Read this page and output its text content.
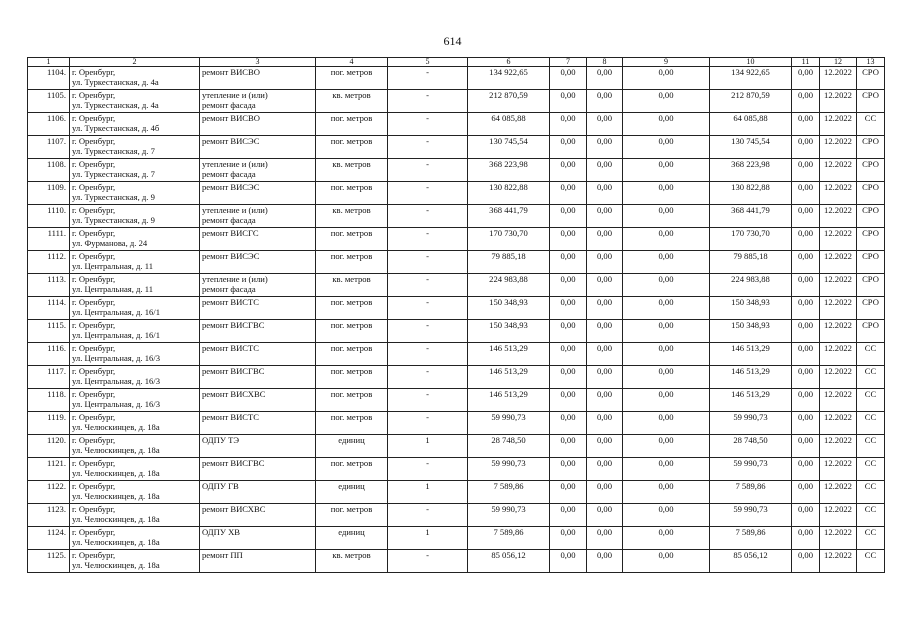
614
1	2	3	4	5	6	7	8	9	10	11	12	13
1104.	г. Оренбург,
ул. Туркестанская, д. 4а	ремонт ВИСВО	пог. метров	-	134 922,65	0,00	0,00	0,00	134 922,65	0,00	12.2022	СРО
1105.	г. Оренбург,
ул. Туркестанская, д. 4а	утепление и (или)
ремонт фасада	кв. метров	-	212 870,59	0,00	0,00	0,00	212 870,59	0,00	12.2022	СРО
1106.	г. Оренбург,
ул. Туркестанская, д. 4б	ремонт ВИСВО	пог. метров	-	64 085,88	0,00	0,00	0,00	64 085,88	0,00	12.2022	СС
1107.	г. Оренбург,
ул. Туркестанская, д. 7	ремонт ВИСЭС	пог. метров	-	130 745,54	0,00	0,00	0,00	130 745,54	0,00	12.2022	СРО
1108.	г. Оренбург,
ул. Туркестанская, д. 7	утепление и (или)
ремонт фасада	кв. метров	-	368 223,98	0,00	0,00	0,00	368 223,98	0,00	12.2022	СРО
1109.	г. Оренбург,
ул. Туркестанская, д. 9	ремонт ВИСЭС	пог. метров	-	130 822,88	0,00	0,00	0,00	130 822,88	0,00	12.2022	СРО
1110.	г. Оренбург,
ул. Туркестанская, д. 9	утепление и (или)
ремонт фасада	кв. метров	-	368 441,79	0,00	0,00	0,00	368 441,79	0,00	12.2022	СРО
1111.	г. Оренбург,
ул. Фурманова, д. 24	ремонт ВИСГС	пог. метров	-	170 730,70	0,00	0,00	0,00	170 730,70	0,00	12.2022	СРО
1112.	г. Оренбург,
ул. Центральная, д. 11	ремонт ВИСЭС	пог. метров	-	79 885,18	0,00	0,00	0,00	79 885,18	0,00	12.2022	СРО
1113.	г. Оренбург,
ул. Центральная, д. 11	утепление и (или)
ремонт фасада	кв. метров	-	224 983,88	0,00	0,00	0,00	224 983,88	0,00	12.2022	СРО
1114.	г. Оренбург,
ул. Центральная, д. 16/1	ремонт ВИСТС	пог. метров	-	150 348,93	0,00	0,00	0,00	150 348,93	0,00	12.2022	СРО
1115.	г. Оренбург,
ул. Центральная, д. 16/1	ремонт ВИСГВС	пог. метров	-	150 348,93	0,00	0,00	0,00	150 348,93	0,00	12.2022	СРО
1116.	г. Оренбург,
ул. Центральная, д. 16/3	ремонт ВИСТС	пог. метров	-	146 513,29	0,00	0,00	0,00	146 513,29	0,00	12.2022	СС
1117.	г. Оренбург,
ул. Центральная, д. 16/3	ремонт ВИСГВС	пог. метров	-	146 513,29	0,00	0,00	0,00	146 513,29	0,00	12.2022	СС
1118.	г. Оренбург,
ул. Центральная, д. 16/3	ремонт ВИСХВС	пог. метров	-	146 513,29	0,00	0,00	0,00	146 513,29	0,00	12.2022	СС
1119.	г. Оренбург,
ул. Челюскинцев, д. 18а	ремонт ВИСТС	пог. метров	-	59 990,73	0,00	0,00	0,00	59 990,73	0,00	12.2022	СС
1120.	г. Оренбург,
ул. Челюскинцев, д. 18а	ОДПУ ТЭ	единиц	1	28 748,50	0,00	0,00	0,00	28 748,50	0,00	12.2022	СС
1121.	г. Оренбург,
ул. Челюскинцев, д. 18а	ремонт ВИСГВС	пог. метров	-	59 990,73	0,00	0,00	0,00	59 990,73	0,00	12.2022	СС
1122.	г. Оренбург,
ул. Челюскинцев, д. 18а	ОДПУ ГВ	единиц	1	7 589,86	0,00	0,00	0,00	7 589,86	0,00	12.2022	СС
1123.	г. Оренбург,
ул. Челюскинцев, д. 18а	ремонт ВИСХВС	пог. метров	-	59 990,73	0,00	0,00	0,00	59 990,73	0,00	12.2022	СС
1124.	г. Оренбург,
ул. Челюскинцев, д. 18а	ОДПУ ХВ	единиц	1	7 589,86	0,00	0,00	0,00	7 589,86	0,00	12.2022	СС
1125.	г. Оренбург,
ул. Челюскинцев, д. 18а	ремонт ПП	кв. метров	-	85 056,12	0,00	0,00	0,00	85 056,12	0,00	12.2022	СС
